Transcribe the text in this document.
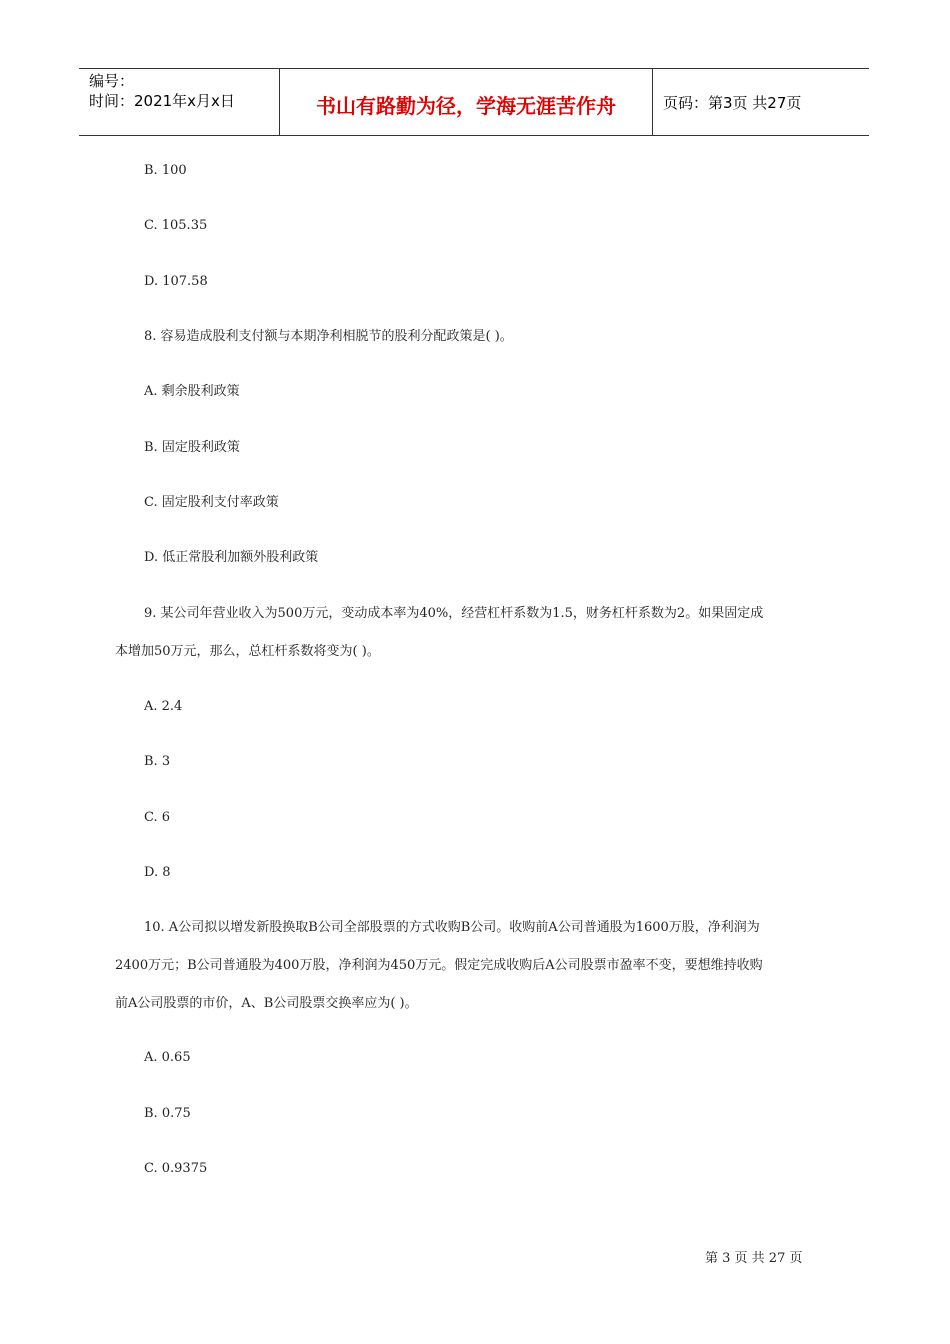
编号：
时间：2021年x月x日	书山有路勤为径，学海无涯苦作舟	页码：第3页 共27页
B. 100
C. 105.35
D. 107.58
8. 容易造成股利支付额与本期净利相脱节的股利分配政策是( )。
A. 剩余股利政策
B. 固定股利政策
C. 固定股利支付率政策
D. 低正常股利加额外股利政策
9. 某公司年营业收入为500万元，变动成本率为40%，经营杠杆系数为1.5，财务杠杆系数为2。如果固定成
本增加50万元，那么，总杠杆系数将变为( )。
A. 2.4
B. 3
C. 6
D. 8
10. A公司拟以增发新股换取B公司全部股票的方式收购B公司。收购前A公司普通股为1600万股，净利润为
2400万元；B公司普通股为400万股，净利润为450万元。假定完成收购后A公司股票市盈率不变，要想维持收购
前A公司股票的市价，A、B公司股票交换率应为( )。
A. 0.65
B. 0.75
C. 0.9375
第 3 页 共 27 页
